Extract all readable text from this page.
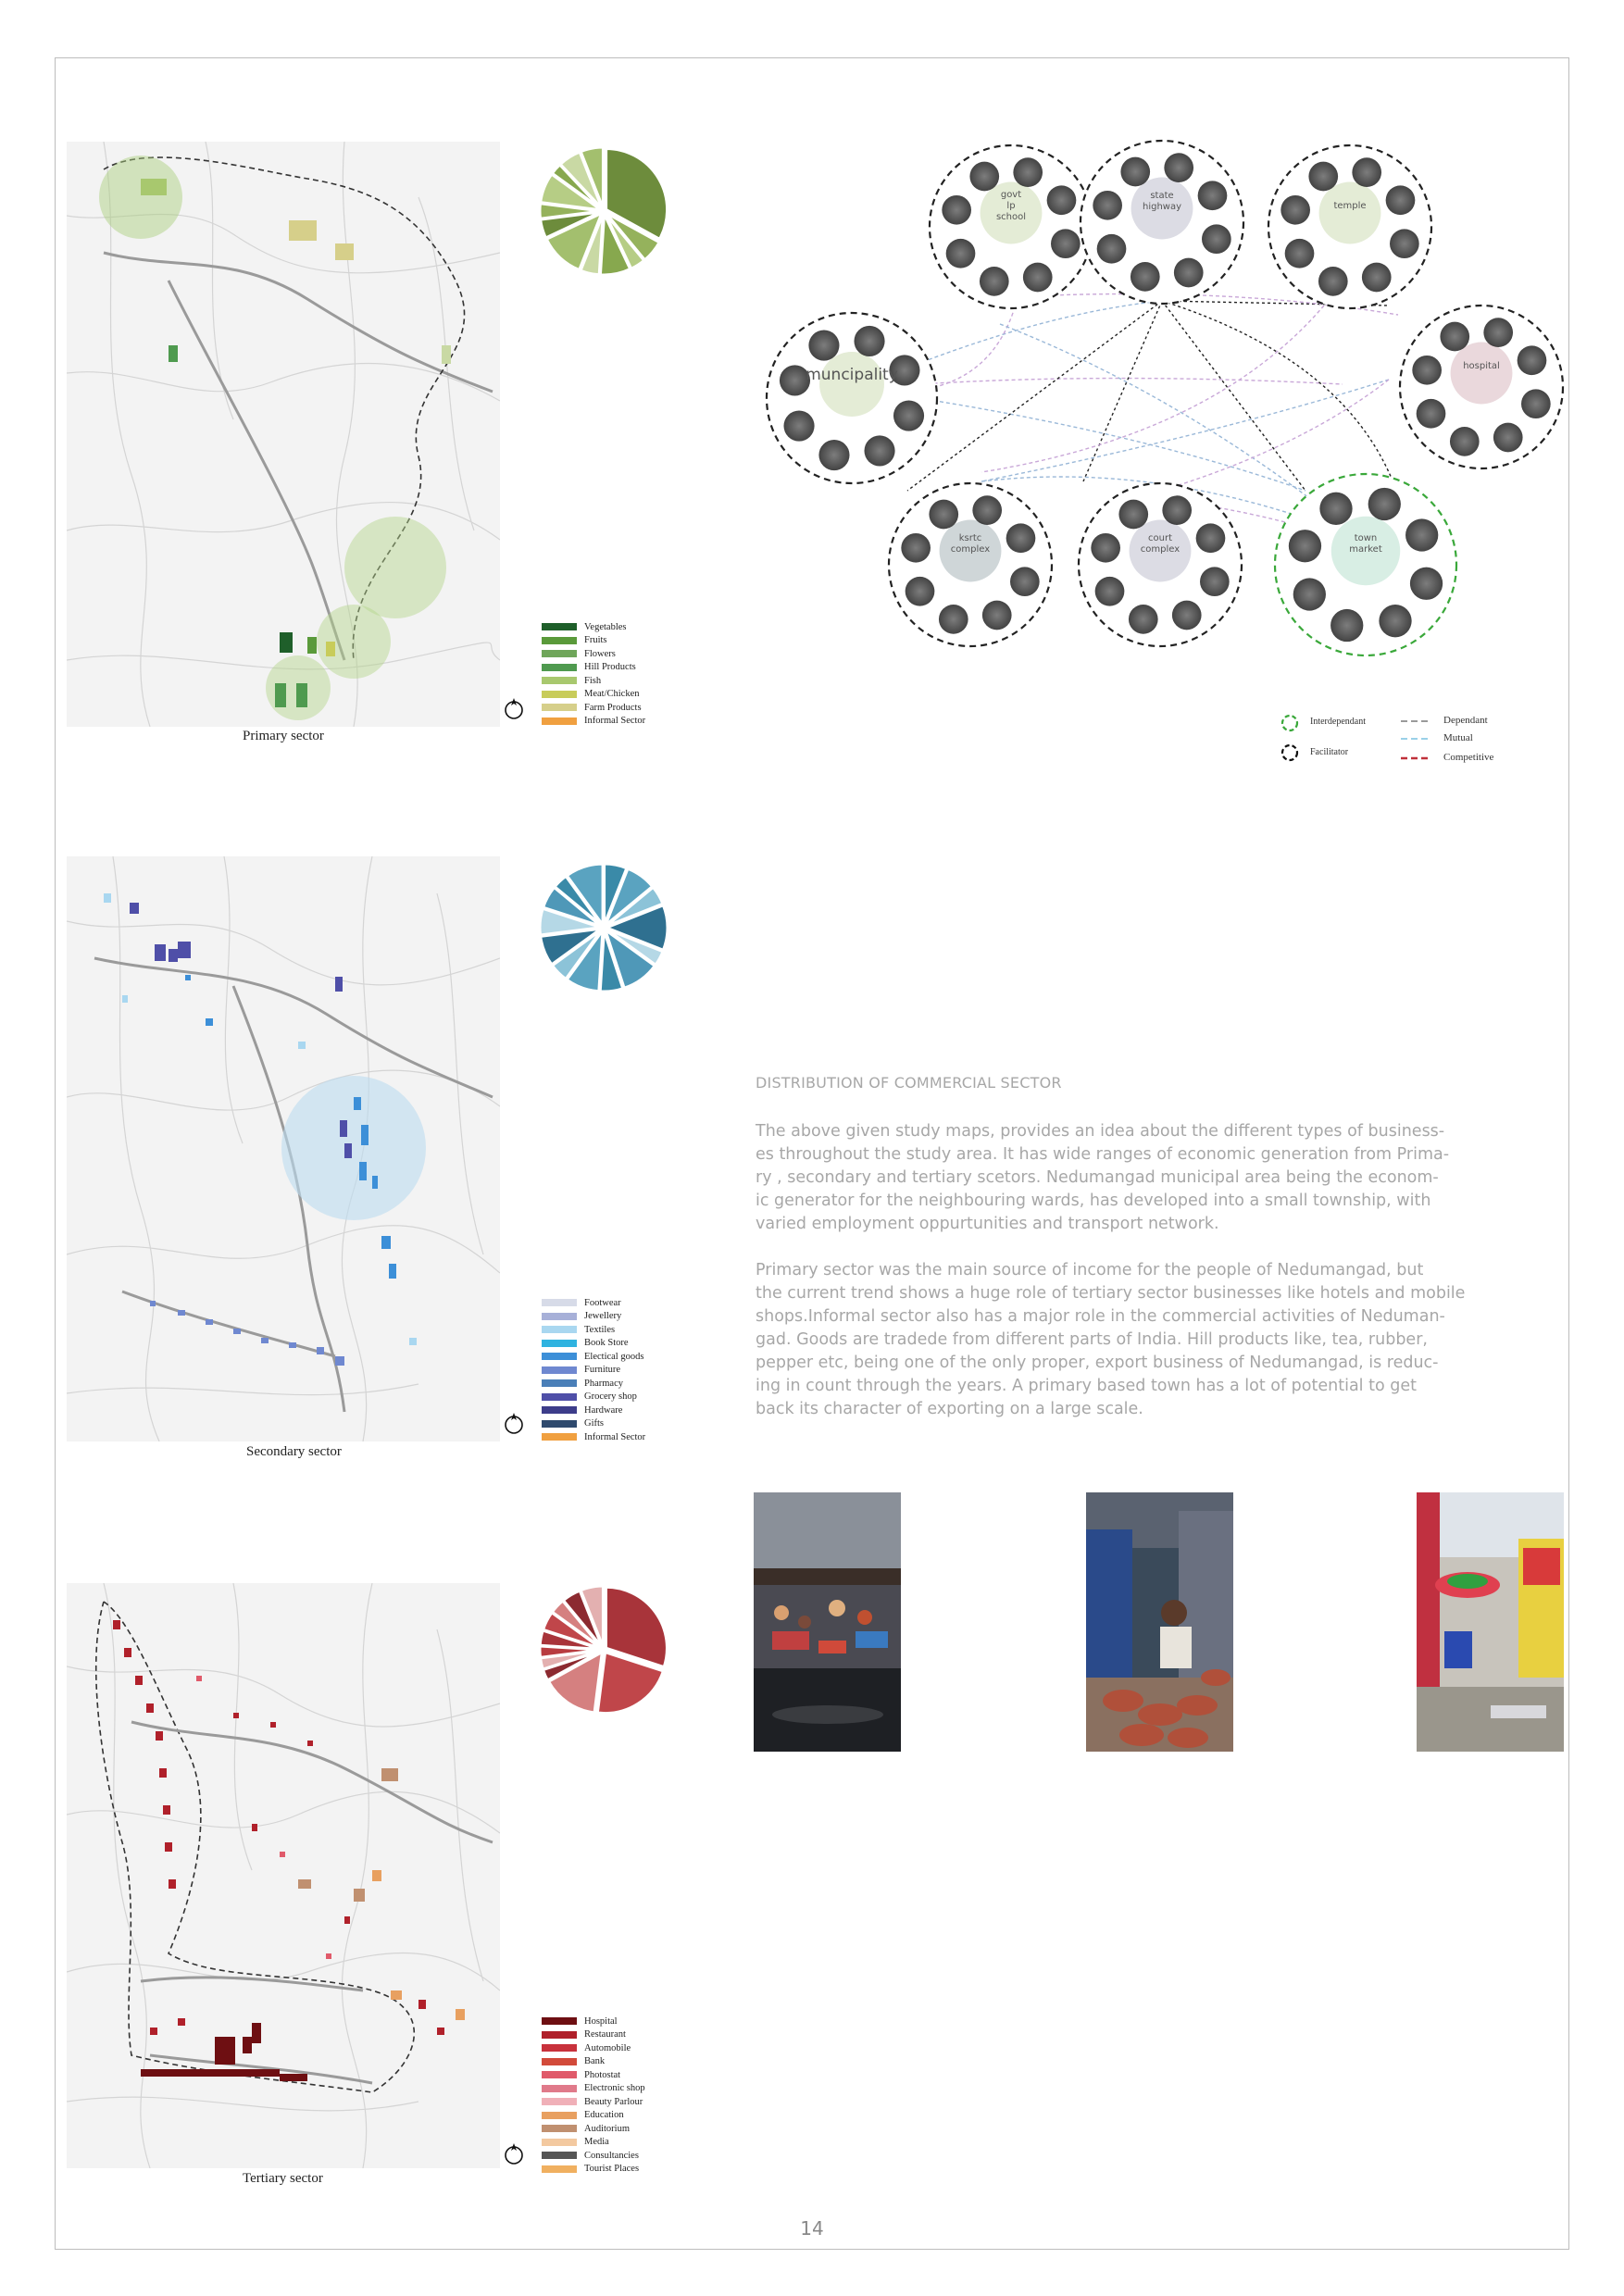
Primary sector
Vegetables
Fruits
Flowers
Hill Products
Fish
Meat/Chicken
Farm Products
Informal Sector
govt lp school
state highway	temple
muncipality	hospital
ksrtc complex
court complex
town market
Interdependant
Facilitator
Dependant
Mutual
Competitive
Secondary sector
Footwear
Jewellery
Textiles
Book Store
Electical goods
Furniture
Pharmacy
Grocery shop
Hardware
Gifts
Informal Sector
DISTRIBUTION OF COMMERCIAL SECTOR
The above given study maps, provides an idea about the different types of business-
es throughout the study area. It has wide ranges of economic generation from Prima-
ry , secondary and tertiary scetors. Nedumangad municipal area being the econom-
ic generator for the neighbouring wards, has developed into a small township, with
varied employment oppurtunities and transport network.
Primary sector was the main source of income for the people of Nedumangad, but
the current trend shows a huge role of tertiary sector businesses like hotels and mobile
shops.Informal sector also has a major role in the commercial activities of Neduman-
gad. Goods are tradede from different parts of India. Hill products like, tea, rubber,
pepper etc, being one of the only proper, export business of Nedumangad, is reduc-
ing in count through the years. A primary based town has a lot of potential to get
back its character of exporting on a large scale.
Tertiary sector
Hospital
Restaurant
Automobile
Bank
Photostat
Electronic shop
Beauty Parlour
Education
Auditorium
Media
Consultancies
Tourist Places
14
